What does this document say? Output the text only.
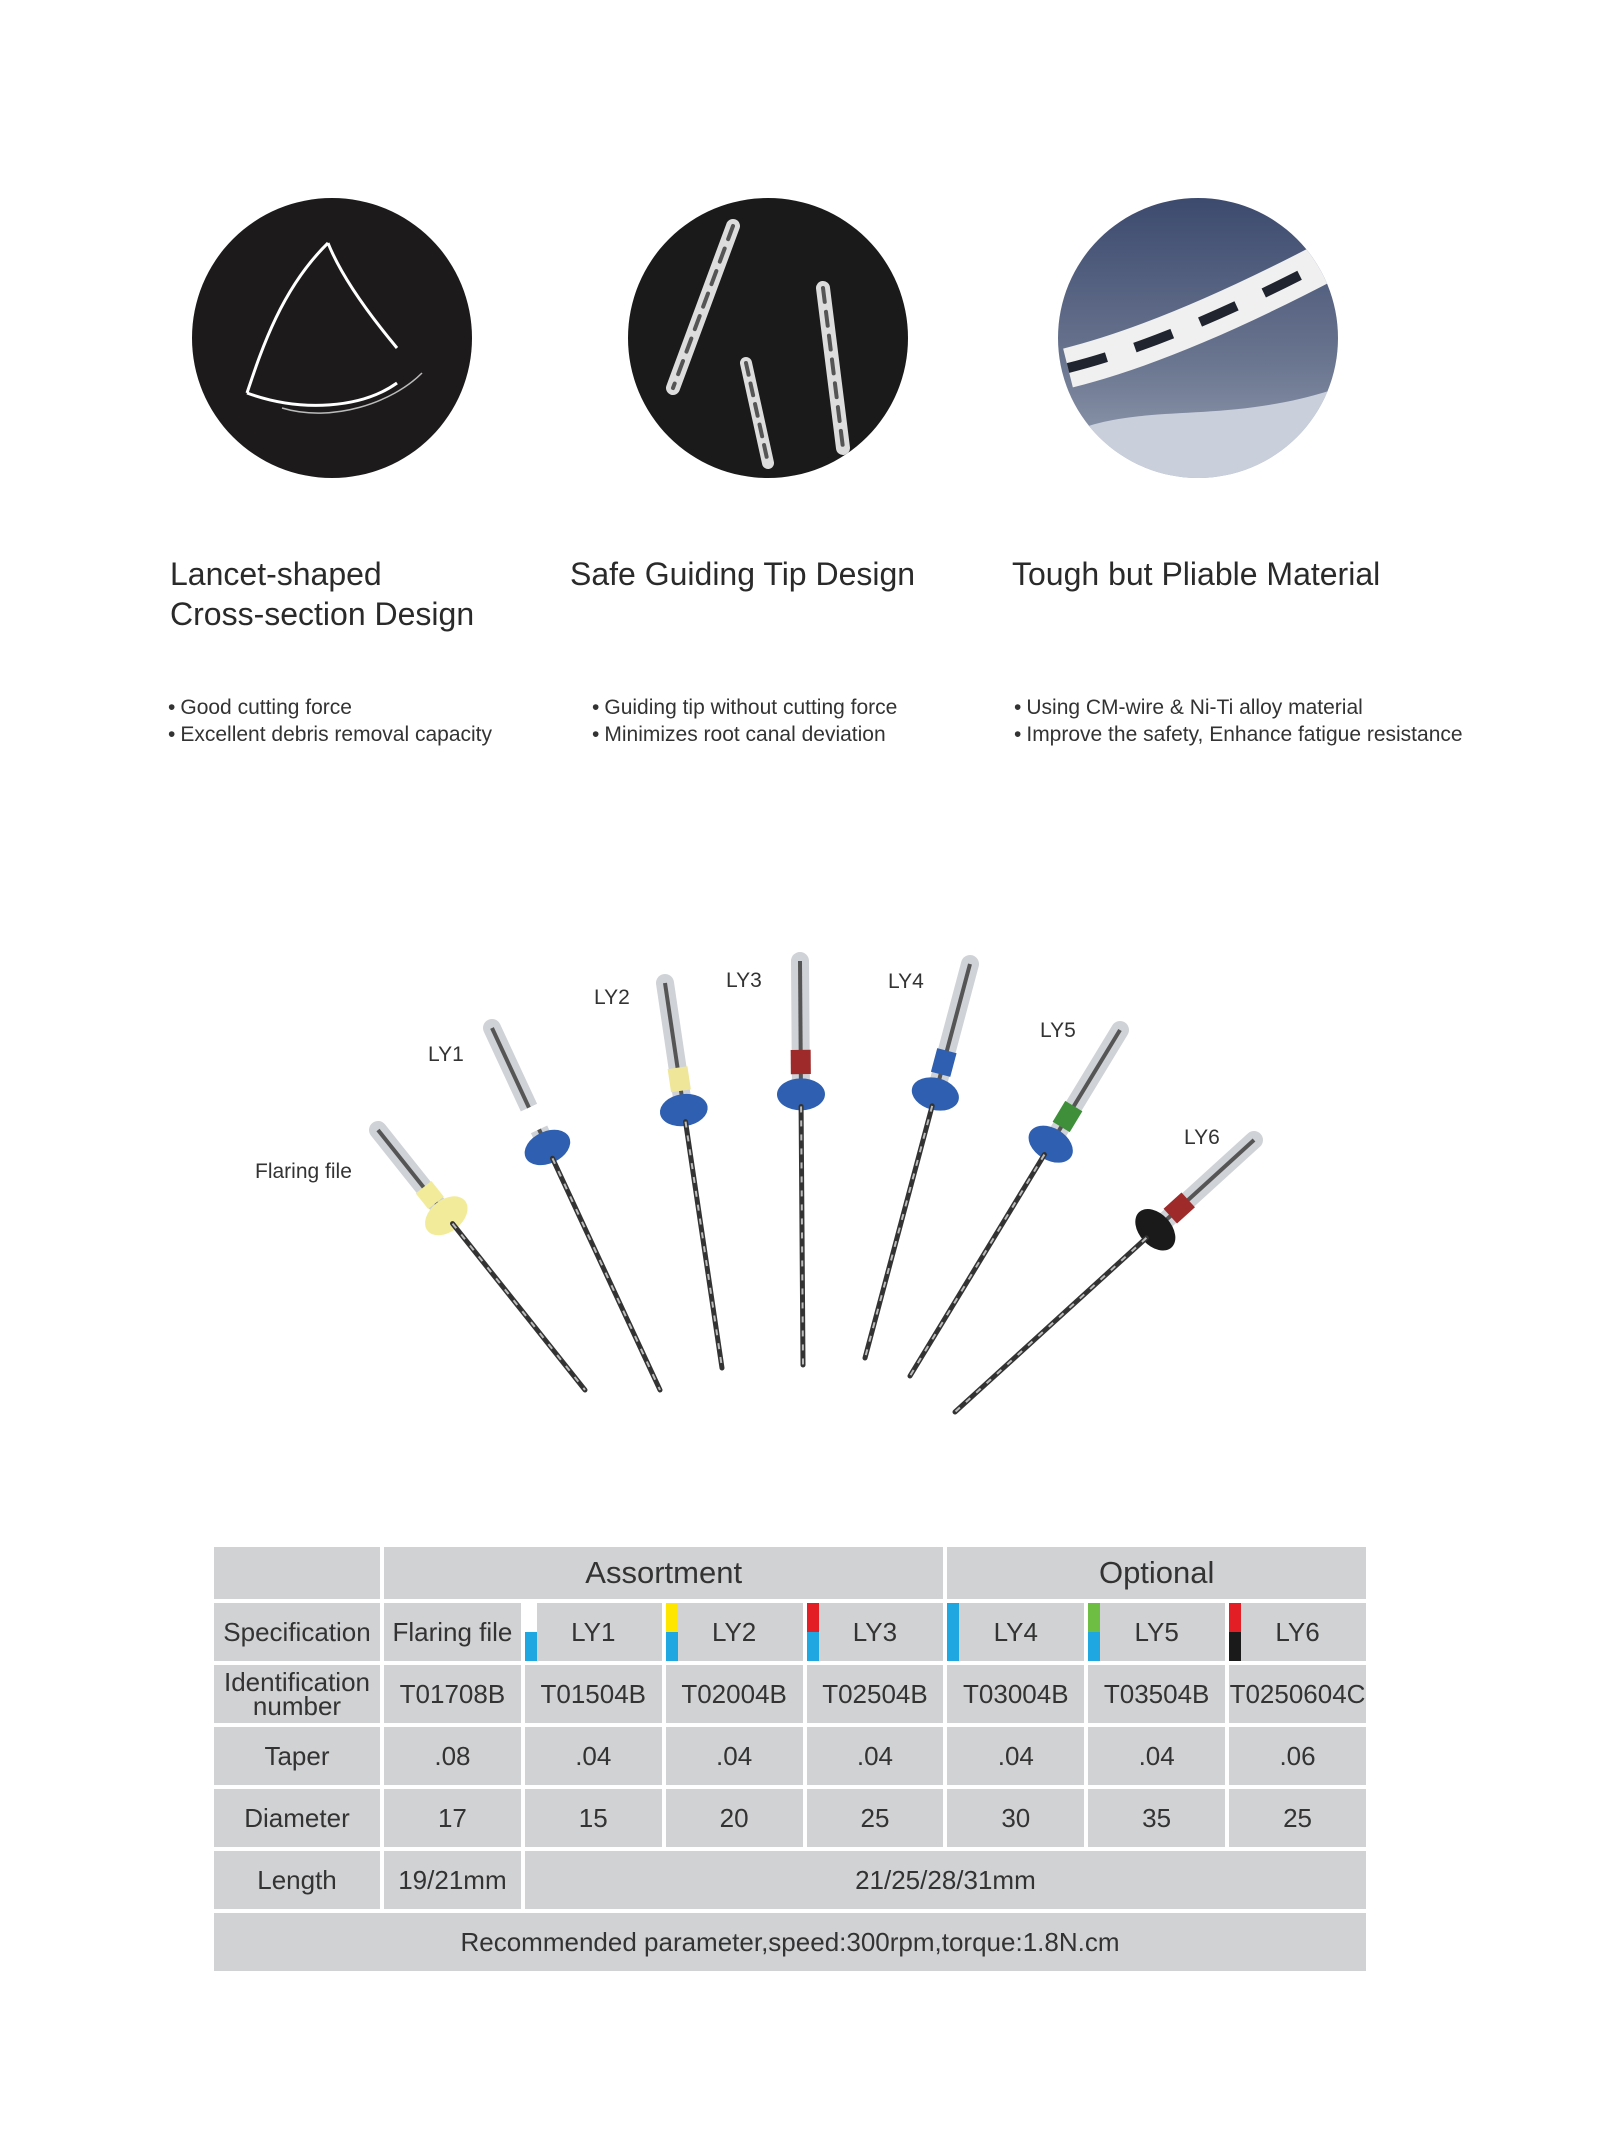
Lancet-shaped
Cross-section Design
Safe Guiding Tip Design	Tough but Pliable Material
• Good cutting force
• Excellent debris removal capacity
• Guiding tip without cutting force
• Minimizes root canal deviation
• Using CM-wire & Ni-Ti alloy material
• Improve the safety, Enhance fatigue resistance
Flaring file
LY1
LY2
LY3	LY4
LY5
LY6
	Assortment				Optional		
Specification	Flaring file	LY1	LY2	LY3	LY4	LY5	LY6

Identification
number	T01708B	T01504B	T02004B	T02504B	T03004B	T03504B	T0250604C
Taper	.08	.04	.04	.04	.04	.04	.06
Diameter	17	15	20	25	30	35	25
Length	19/21mm	21/25/28/31mm					
Recommended parameter,speed:300rpm,torque:1.8N.cm							
